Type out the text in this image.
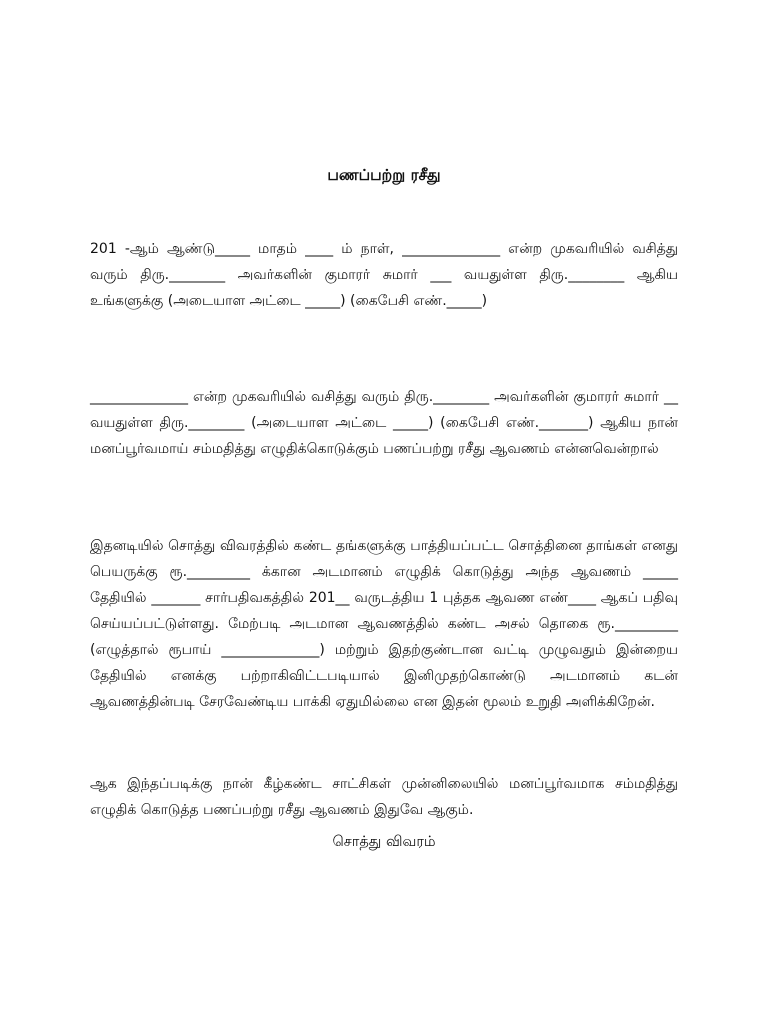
பணப்பற்று ரசீது
201 -ஆம் ஆண்டு_____ மாதம் ____ ம் நாள், ______________ என்ற முகவரியில் வசித்து வரும் திரு.________ அவர்களின் குமாரர் சுமார் ___ வயதுள்ள திரு.________ ஆகிய உங்களுக்கு (அடையாள அட்டை _____) (கைபேசி எண்._____)
______________ என்ற முகவரியில் வசித்து வரும் திரு.________ அவர்களின் குமாரர் சுமார் __ வயதுள்ள திரு.________ (அடையாள அட்டை _____) (கைபேசி எண்._______) ஆகிய நான் மனப்பூர்வமாய் சம்மதித்து எழுதிக்கொடுக்கும் பணப்பற்று ரசீது ஆவணம் என்னவென்றால்
இதனடியில் சொத்து விவரத்தில் கண்ட தங்களுக்கு பாத்தியப்பட்ட சொத்தினை தாங்கள் எனது பெயருக்கு ரூ._________ க்கான அடமானம் எழுதிக் கொடுத்து அந்த ஆவணம் _____ தேதியில் _______ சார்பதிவகத்தில் 201__ வருடத்திய 1 புத்தக ஆவண எண்____ ஆகப் பதிவு செய்யப்பட்டுள்ளது. மேற்படி அடமான ஆவணத்தில் கண்ட அசல் தொகை ரூ._________ (எழுத்தால் ரூபாய் ______________) மற்றும் இதற்குண்டான வட்டி முழுவதும் இன்றைய தேதியில் எனக்கு பற்றாகிவிட்டபடியால் இனிமுதற்கொண்டு அடமானம் கடன் ஆவணத்தின்படி சேரவேண்டிய பாக்கி ஏதுமில்லை என இதன் மூலம் உறுதி அளிக்கிறேன்.
ஆக இந்தப்படிக்கு நான் கீழ்கண்ட சாட்சிகள் முன்னிலையில் மனப்பூர்வமாக சம்மதித்து எழுதிக் கொடுத்த பணப்பற்று ரசீது ஆவணம் இதுவே ஆகும்.
சொத்து விவரம்
